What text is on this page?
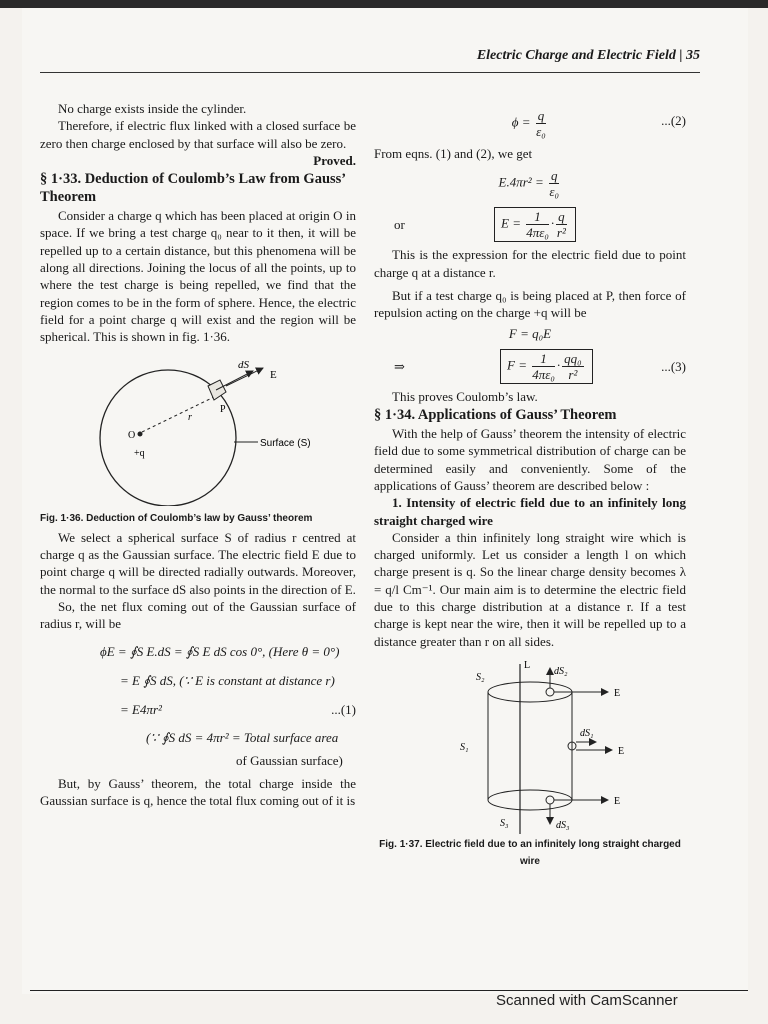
Electric Charge and Electric Field | 35

No charge exists inside the cylinder.

Therefore, if electric flux linked with a closed surface be zero then charge enclosed by that surface will also be zero.

Proved.
§ 1·33. Deduction of Coulomb’s Law from Gauss’ Theorem

Consider a charge q which has been placed at origin O in space. If we bring a test charge q₀ near to it then, it will be repelled up to a certain distance, but this phenomena will be along all directions. Joining the locus of all the points, up to where the test charge is being repelled, we find that the region comes to be in the form of sphere. Hence, the electric field for a point charge q will exist and the region will be spherical. This is shown in fig. 1·36.

dS
E
P
r
O
+q
Surface (S)
Fig. 1·36. Deduction of Coulomb’s law by Gauss’ theorem

We select a spherical surface S of radius r centred at charge q as the Gaussian surface. The electric field E due to point charge q will be directed radially outwards. Moreover, the normal to the surface dS also points in the direction of E.

So, the net flux coming out of the Gaussian surface of radius r, will be

ϕE = ∮S E.dS = ∮S E dS cos 0°, (Here θ = 0°)
= E ∮S dS, (∵ E is constant at distance r)
= E4πr²	...(1)
(∵ ∮S dS = 4πr² = Total surface area
of Gaussian surface)

But, by Gauss’ theorem, the total charge inside the Gaussian surface is q, hence the total flux coming out of it is

$\phi = \frac{q}{\text{ε₀}}$	...(2)

From eqns. (1) and (2), we get

$E.4\pi r^2 = \frac{q}{\text{ε₀}}$
or	$E = \frac{1}{\text{4πε₀}} \cdot \frac{q}{\text{r²}}$

This is the expression for the electric field due to point charge q at a distance r.

But if a test charge q₀ is being placed at P, then force of repulsion acting on the charge +q will be

F = q₀E
⇒	$F = \frac{1}{\text{4πε₀}} \cdot \frac{\text{qq₀}}{\text{r²}}$	...(3)

This proves Coulomb’s law.

§ 1·34. Applications of Gauss’ Theorem

With the help of Gauss’ theorem the intensity of electric field due to some symmetrical distribution of charge can be determined easily and conveniently. Some of the applications of Gauss’ theorem are described below :

1. Intensity of electric field due to an infinitely long straight charged wire

Consider a thin infinitely long straight wire which is charged uniformly. Let us consider a length l on which charge present is q. So the linear charge density becomes λ = q/l Cm⁻¹. Our main aim is to determine the electric field due to this charge distribution at a distance r. If a test charge is kept near the wire, then it will be repelled up to a distance greater than r on all sides.

L
S₂
dS₂
E
S₁
dS₁
E
E
S₃	dS₃
Fig. 1·37. Electric field due to an infinitely long straight charged wire
Scanned with CamScanner
